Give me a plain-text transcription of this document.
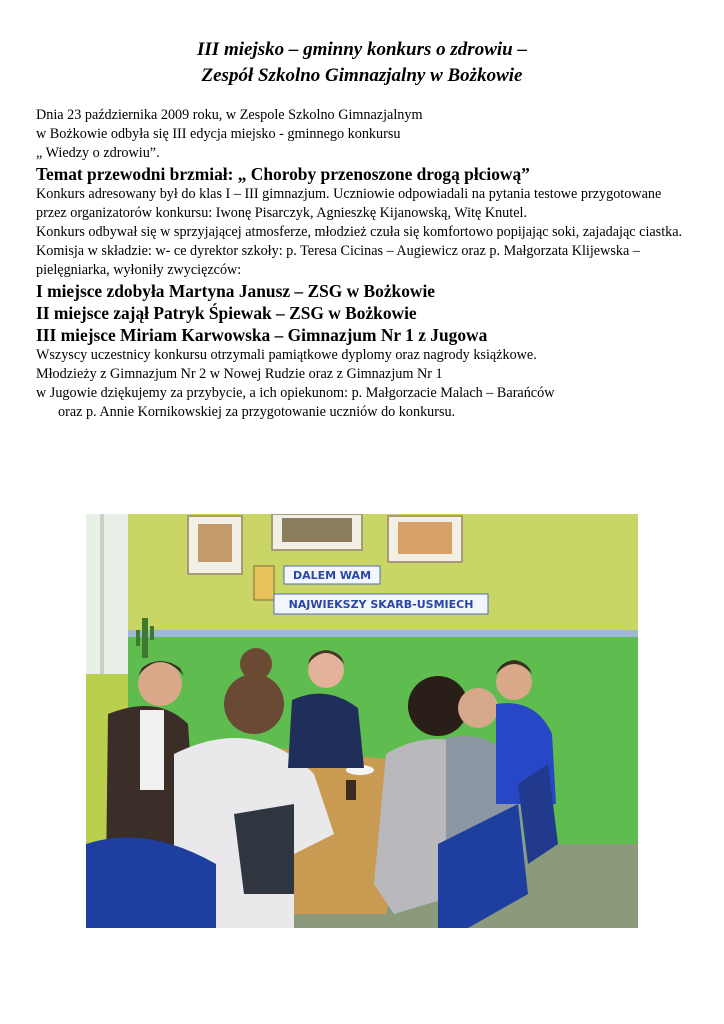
III miejsko – gminny konkurs o zdrowiu –
Zespół Szkolno Gimnazjalny w Bożkowie

Dnia 23 października 2009 roku, w Zespole Szkolno Gimnazjalnym
w Bożkowie odbyła się III edycja miejsko - gminnego konkursu
„ Wiedzy o zdrowiu”.

Temat przewodni brzmiał: „ Choroby przenoszone drogą płciową”

Konkurs adresowany był do klas I – III gimnazjum. Uczniowie odpowiadali na pytania testowe przygotowane przez organizatorów konkursu: Iwonę Pisarczyk, Agnieszkę Kijanowską, Witę Knutel.

Konkurs odbywał się w sprzyjającej atmosferze, młodzież czuła się komfortowo popijając soki, zajadając ciastka.

Komisja w składzie: w- ce dyrektor szkoły: p. Teresa Cicinas – Augiewicz oraz p. Małgorzata Klijewska – pielęgniarka, wyłoniły zwycięzców:

I miejsce zdobyła Martyna Janusz – ZSG w Bożkowie

II miejsce zajął Patryk Śpiewak – ZSG w Bożkowie

III miejsce Miriam Karwowska – Gimnazjum Nr 1 z Jugowa

Wszyscy uczestnicy konkursu otrzymali pamiątkowe dyplomy oraz nagrody książkowe.

Młodzieży z Gimnazjum Nr 2 w Nowej Rudzie oraz z Gimnazjum Nr 1
w Jugowie dziękujemy za przybycie, a ich opiekunom: p. Małgorzacie Malach – Barańców
oraz p. Annie Kornikowskiej za przygotowanie uczniów do konkursu.

DALEM WAM
NAJWIEKSZY SKARB-USMIECH
